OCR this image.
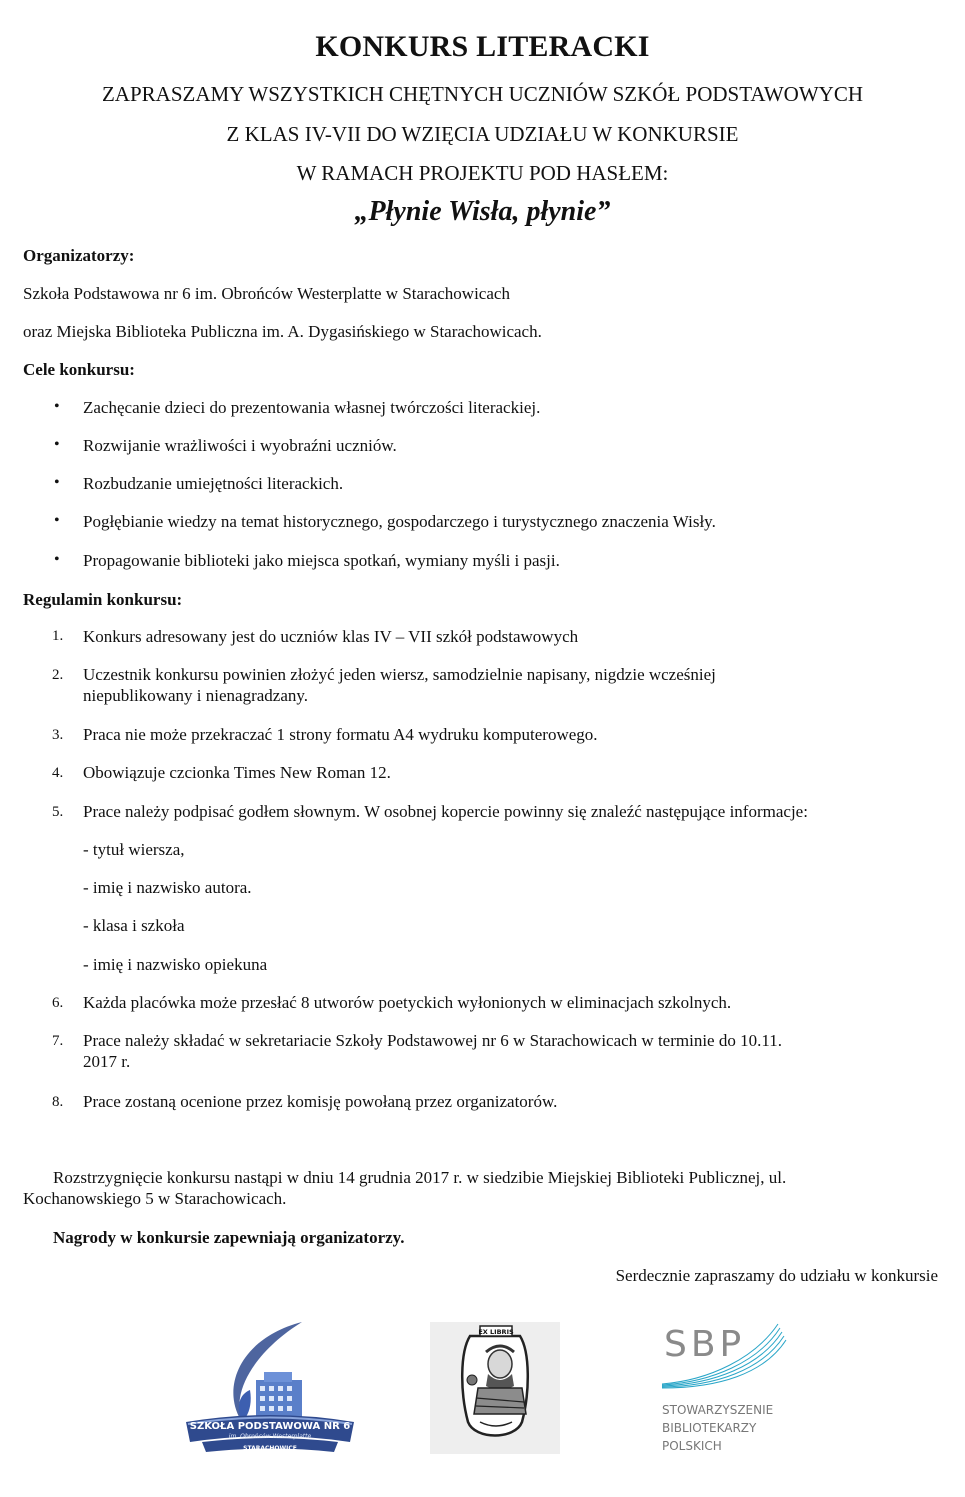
KONKURS LITERACKI
ZAPRASZAMY WSZYSTKICH CHĘTNYCH UCZNIÓW SZKÓŁ PODSTAWOWYCH
Z KLAS IV-VII DO WZIĘCIA UDZIAŁU W KONKURSIE
W RAMACH PROJEKTU POD HASŁEM:
„Płynie Wisła, płynie”
Organizatorzy:
Szkoła Podstawowa nr 6 im. Obrońców Westerplatte w Starachowicach
oraz Miejska Biblioteka Publiczna im. A. Dygasińskiego w Starachowicach.
Cele konkursu:
• Zachęcanie dzieci do prezentowania własnej twórczości literackiej.
• Rozwijanie wrażliwości i wyobraźni uczniów.
• Rozbudzanie umiejętności literackich.
• Pogłębianie wiedzy na temat historycznego, gospodarczego i turystycznego znaczenia Wisły.
• Propagowanie biblioteki jako miejsca spotkań, wymiany myśli i pasji.
Regulamin konkursu:
1. Konkurs adresowany jest do uczniów klas IV – VII szkół podstawowych
2. Uczestnik konkursu powinien złożyć jeden wiersz, samodzielnie napisany, nigdzie wcześniej
niepublikowany i nienagradzany.
3. Praca nie może przekraczać 1 strony formatu A4 wydruku komputerowego.
4. Obowiązuje czcionka Times New Roman 12.
5. Prace należy podpisać godłem słownym. W osobnej kopercie powinny się znaleźć następujące informacje:
- tytuł wiersza,
- imię i nazwisko autora.
- klasa i szkoła
- imię i nazwisko opiekuna
6. Każda placówka może przesłać 8 utworów poetyckich wyłonionych w eliminacjach szkolnych.
7. Prace należy składać w sekretariacie Szkoły Podstawowej nr 6 w Starachowicach w terminie do 10.11.
2017 r.
8. Prace zostaną ocenione przez komisję powołaną przez organizatorów.
Rozstrzygnięcie konkursu nastąpi w dniu 14 grudnia 2017 r. w siedzibie Miejskiej Biblioteki Publicznej, ul.
Kochanowskiego 5 w Starachowicach.
Nagrody w konkursie zapewniają organizatorzy.
Serdecznie zapraszamy do udziału w konkursie
SZKOŁA PODSTAWOWA NR 6
im. Obrońców Westerplatte
STARACHOWICE
EX LIBRIS	SBP
STOWARZYSZENIE
BIBLIOTEKARZY
POLSKICH
